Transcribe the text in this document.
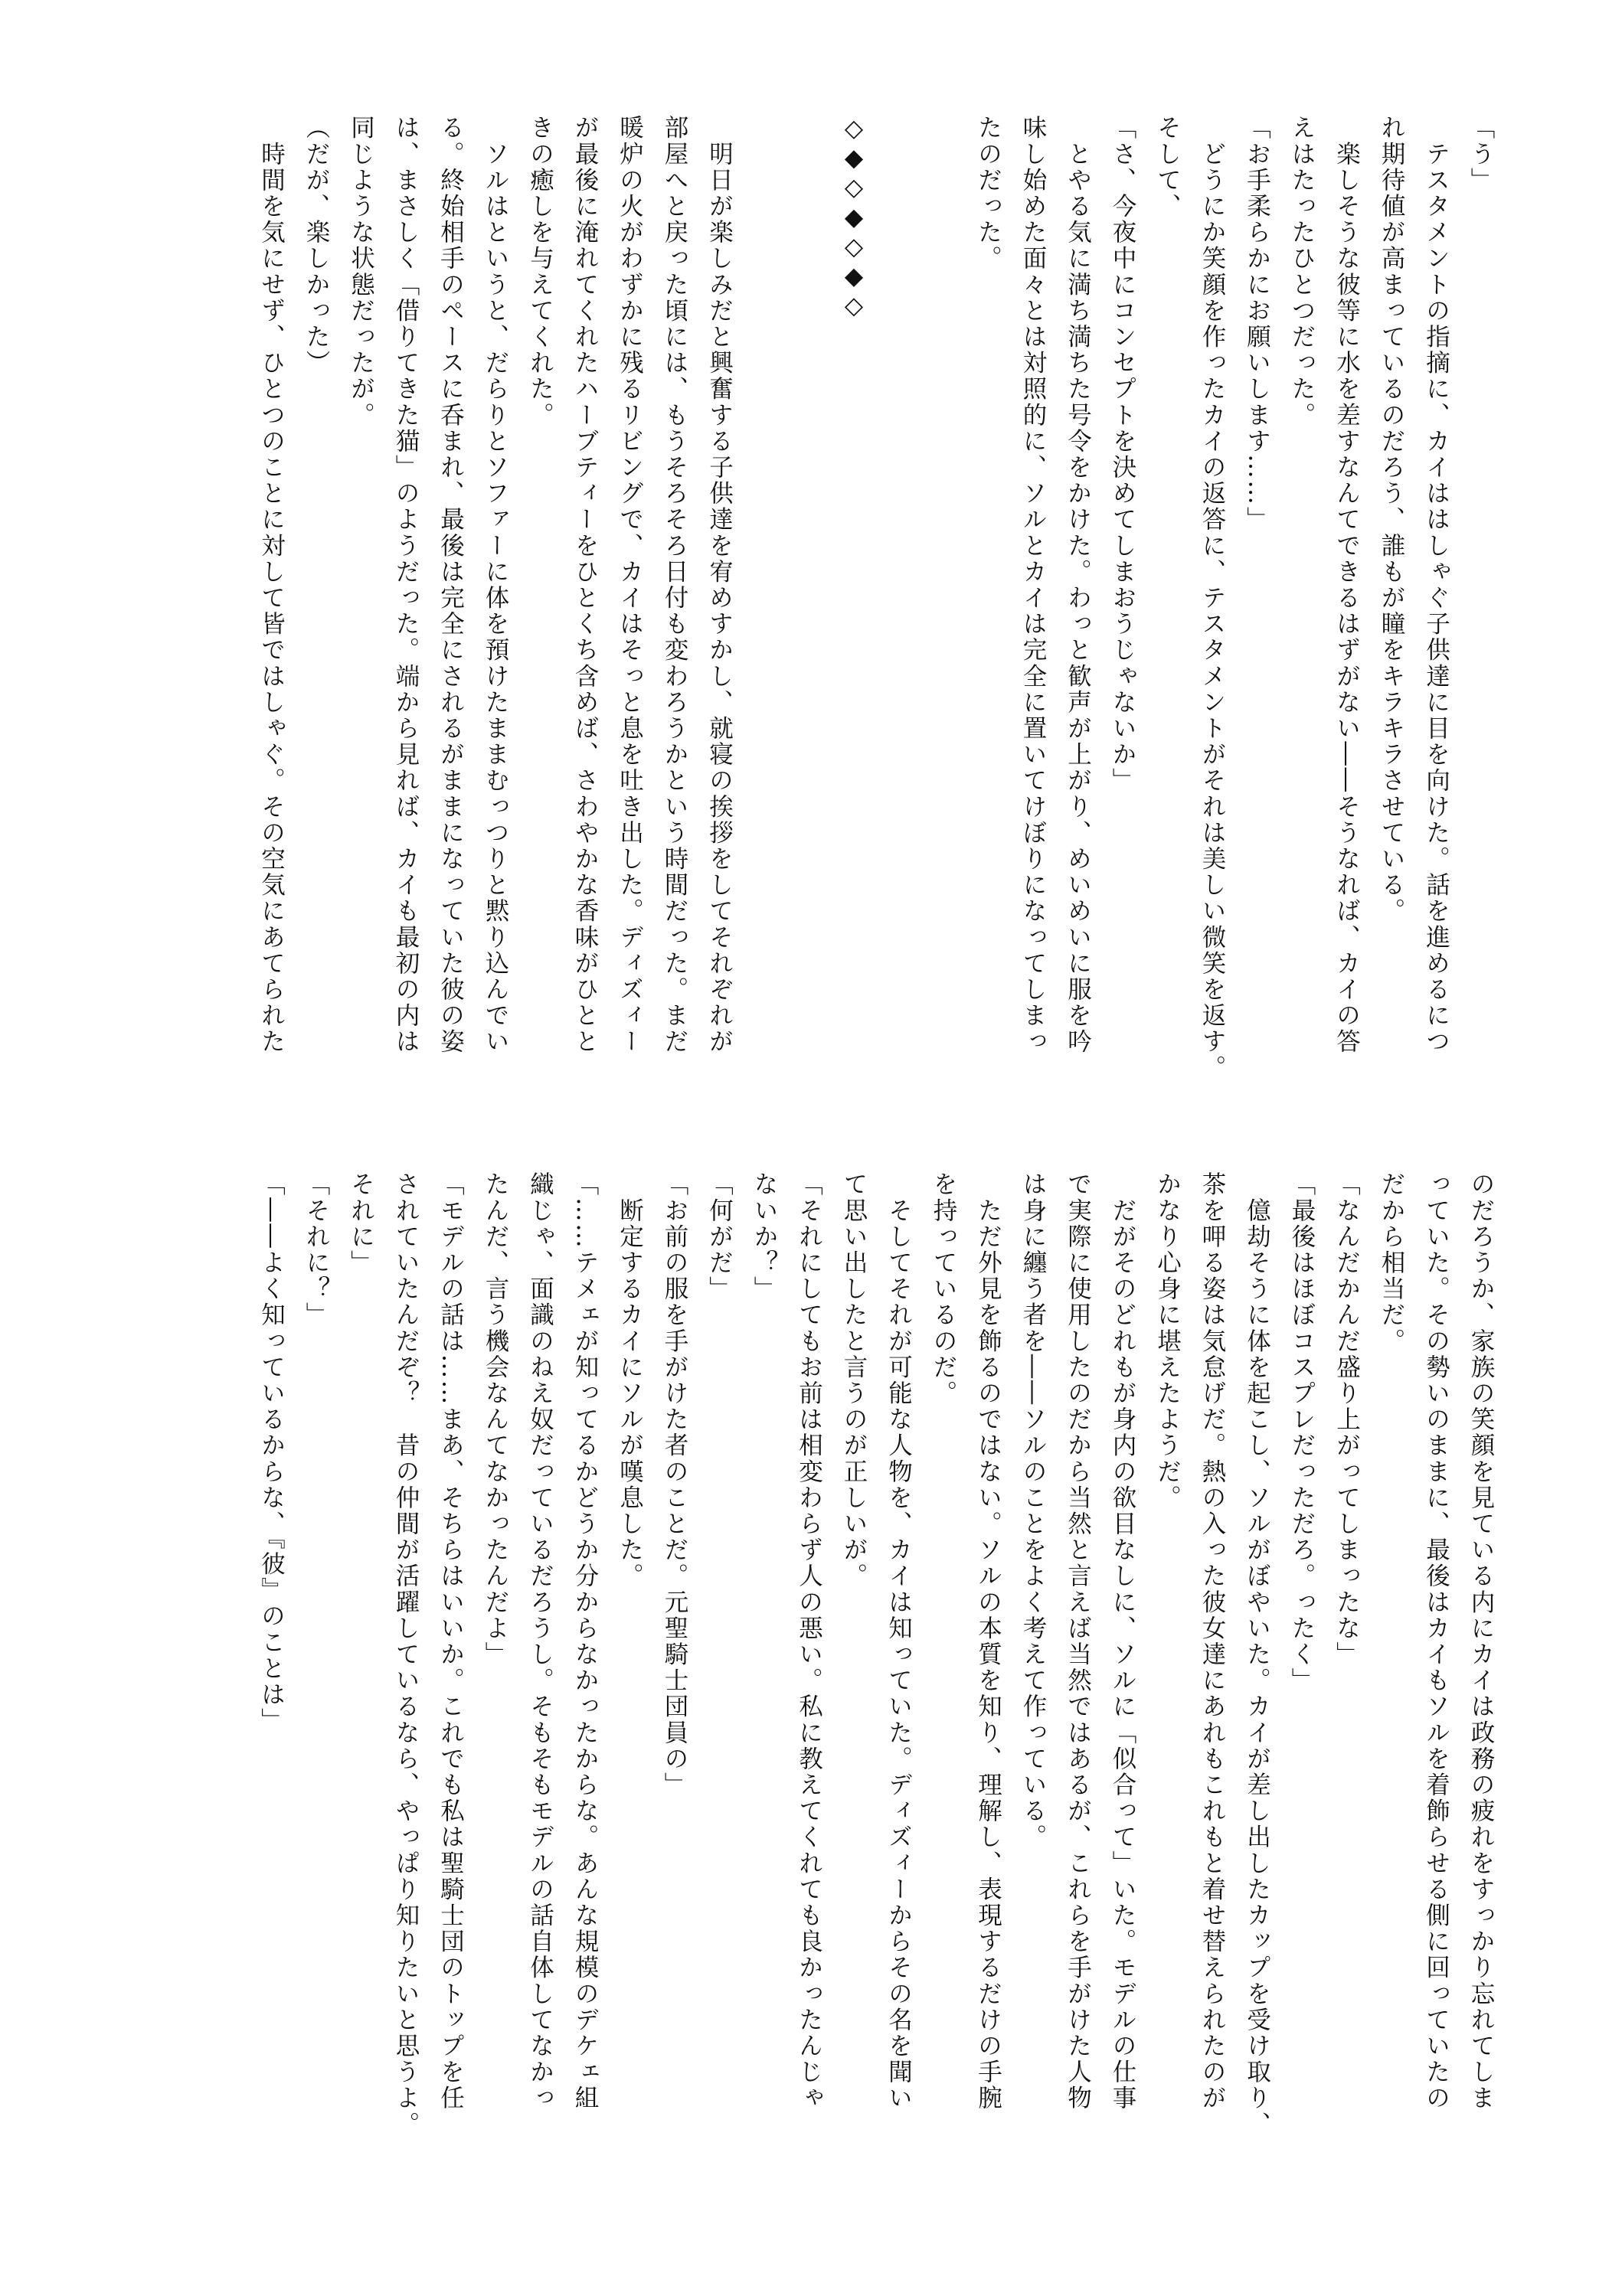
「う」
　テスタメントの指摘に、カイははしゃぐ子供達に目を向けた。話を進めるにつ
れ期待値が高まっているのだろう、誰もが瞳をキラキラさせている。
　楽しそうな彼等に水を差すなんてできるはずがない――そうなれば、カイの答
えはたったひとつだった。
「お手柔らかにお願いします……」
　どうにか笑顔を作ったカイの返答に、テスタメントがそれは美しい微笑を返す。
そして、
「さ、今夜中にコンセプトを決めてしまおうじゃないか」
　とやる気に満ち満ちた号令をかけた。わっと歓声が上がり、めいめいに服を吟
味し始めた面々とは対照的に、ソルとカイは完全に置いてけぼりになってしまっ
たのだった。

◇◆◇◆◇◆◇

　明日が楽しみだと興奮する子供達を宥めすかし、就寝の挨拶をしてそれぞれが
部屋へと戻った頃には、もうそろそろ日付も変わろうかという時間だった。まだ
暖炉の火がわずかに残るリビングで、カイはそっと息を吐き出した。ディズィー
が最後に淹れてくれたハーブティーをひとくち含めば、さわやかな香味がひとと
きの癒しを与えてくれた。
　ソルはというと、だらりとソファーに体を預けたままむっつりと黙り込んでい
る。終始相手のペースに呑まれ、最後は完全にされるがままになっていた彼の姿
は、まさしく「借りてきた猫」のようだった。端から見れば、カイも最初の内は
同じような状態だったが。
（だが、楽しかった）
　時間を気にせず、ひとつのことに対して皆ではしゃぐ。その空気にあてられた
のだろうか、家族の笑顔を見ている内にカイは政務の疲れをすっかり忘れてしま
っていた。その勢いのままに、最後はカイもソルを着飾らせる側に回っていたの
だから相当だ。
「なんだかんだ盛り上がってしまったな」
「最後はほぼコスプレだっただろ。ったく」
　億劫そうに体を起こし、ソルがぼやいた。カイが差し出したカップを受け取り、
茶を呷る姿は気怠げだ。熱の入った彼女達にあれもこれもと着せ替えられたのが
かなり心身に堪えたようだ。
　だがそのどれもが身内の欲目なしに、ソルに「似合って」いた。モデルの仕事
で実際に使用したのだから当然と言えば当然ではあるが、これらを手がけた人物
は身に纏う者を――ソルのことをよく考えて作っている。
　ただ外見を飾るのではない。ソルの本質を知り、理解し、表現するだけの手腕
を持っているのだ。
　そしてそれが可能な人物を、カイは知っていた。ディズィーからその名を聞い
て思い出したと言うのが正しいが。
「それにしてもお前は相変わらず人の悪い。私に教えてくれても良かったんじゃ
ないか？」
「何がだ」
「お前の服を手がけた者のことだ。元聖騎士団員の」
　断定するカイにソルが嘆息した。
「……テメェが知ってるかどうか分からなかったからな。あんな規模のデケェ組
織じゃ、面識のねえ奴だっているだろうし。そもそもモデルの話自体してなかっ
たんだ、言う機会なんてなかったんだよ」
「モデルの話は……まあ、そちらはいいか。これでも私は聖騎士団のトップを任
されていたんだぞ？　昔の仲間が活躍しているなら、やっぱり知りたいと思うよ。
それに」
「それに？」
「――よく知っているからな、『彼』のことは」
